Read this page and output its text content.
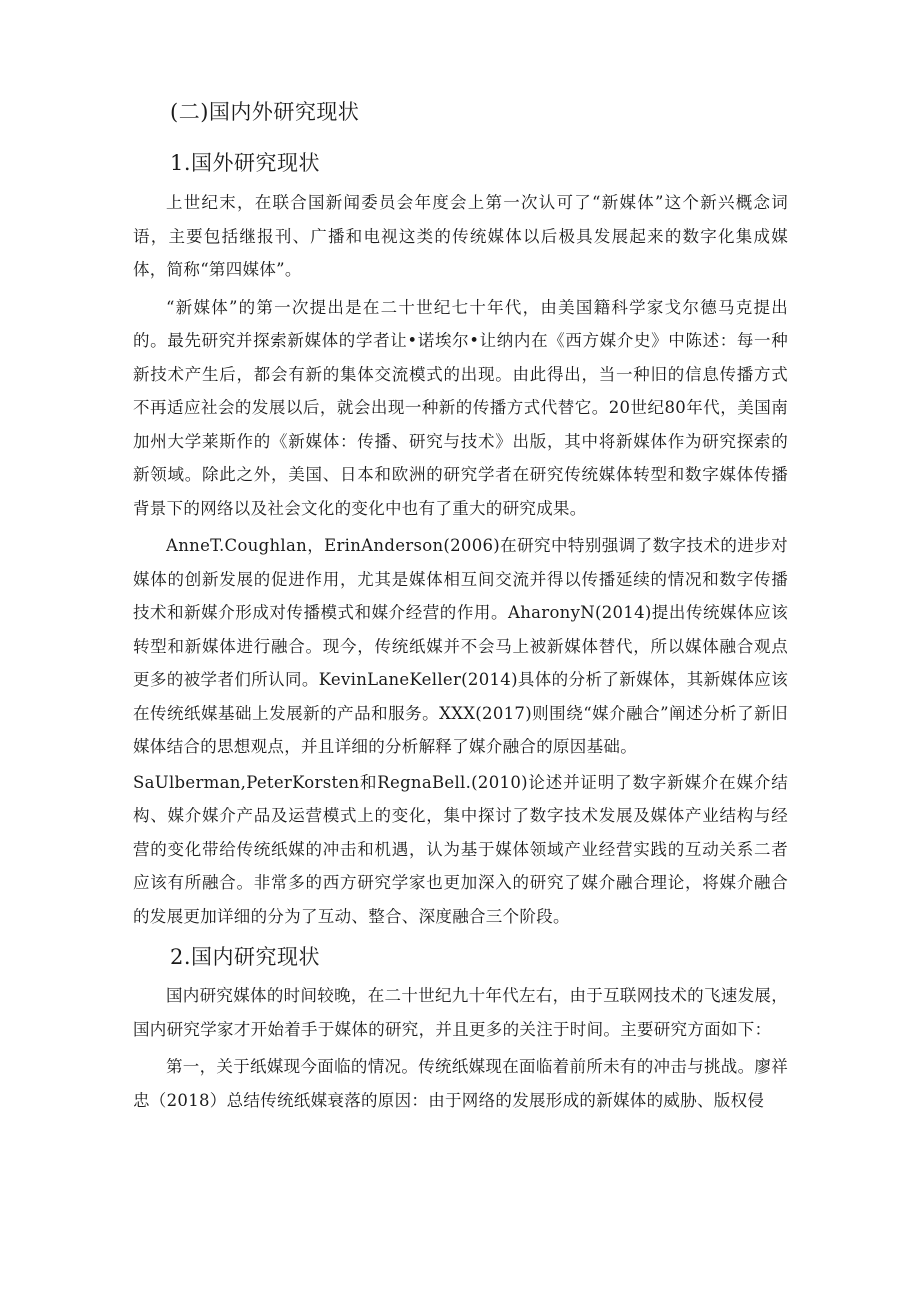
(二)国内外研究现状
1.国外研究现状

上世纪末，在联合国新闻委员会年度会上第一次认可了“新媒体”这个新兴概念词语，主要包括继报刊、广播和电视这类的传统媒体以后极具发展起来的数字化集成媒体，简称“第四媒体”。

“新媒体”的第一次提出是在二十世纪七十年代，由美国籍科学家戈尔德马克提出的。最先研究并探索新媒体的学者让•诺埃尔•让纳内在《西方媒介史》中陈述：每一种新技术产生后，都会有新的集体交流模式的出现。由此得出，当一种旧的信息传播方式不再适应社会的发展以后，就会出现一种新的传播方式代替它。20世纪80年代，美国南加州大学莱斯作的《新媒体：传播、研究与技术》出版，其中将新媒体作为研究探索的新领域。除此之外，美国、日本和欧洲的研究学者在研究传统媒体转型和数字媒体传播背景下的网络以及社会文化的变化中也有了重大的研究成果。

AnneT.Coughlan，ErinAnderson(2006)在研究中特别强调了数字技术的进步对媒体的创新发展的促进作用，尤其是媒体相互间交流并得以传播延续的情况和数字传播技术和新媒介形成对传播模式和媒介经营的作用。AharonyN(2014)提出传统媒体应该转型和新媒体进行融合。现今，传统纸媒并不会马上被新媒体替代，所以媒体融合观点更多的被学者们所认同。KevinLaneKeller(2014)具体的分析了新媒体，其新媒体应该在传统纸媒基础上发展新的产品和服务。XXX(2017)则围绕“媒介融合”阐述分析了新旧媒体结合的思想观点，并且详细的分析解释了媒介融合的原因基础。

SaUlberman,PeterKorsten和RegnaBell.(2010)论述并证明了数字新媒介在媒介结构、媒介媒介产品及运营模式上的变化，集中探讨了数字技术发展及媒体产业结构与经营的变化带给传统纸媒的冲击和机遇，认为基于媒体领域产业经营实践的互动关系二者应该有所融合。非常多的西方研究学家也更加深入的研究了媒介融合理论，将媒介融合的发展更加详细的分为了互动、整合、深度融合三个阶段。

2.国内研究现状

国内研究媒体的时间较晚，在二十世纪九十年代左右，由于互联网技术的飞速发展，国内研究学家才开始着手于媒体的研究，并且更多的关注于时间。主要研究方面如下：

第一，关于纸媒现今面临的情况。传统纸媒现在面临着前所未有的冲击与挑战。廖祥忠（2018）总结传统纸媒衰落的原因：由于网络的发展形成的新媒体的威胁、版权侵
